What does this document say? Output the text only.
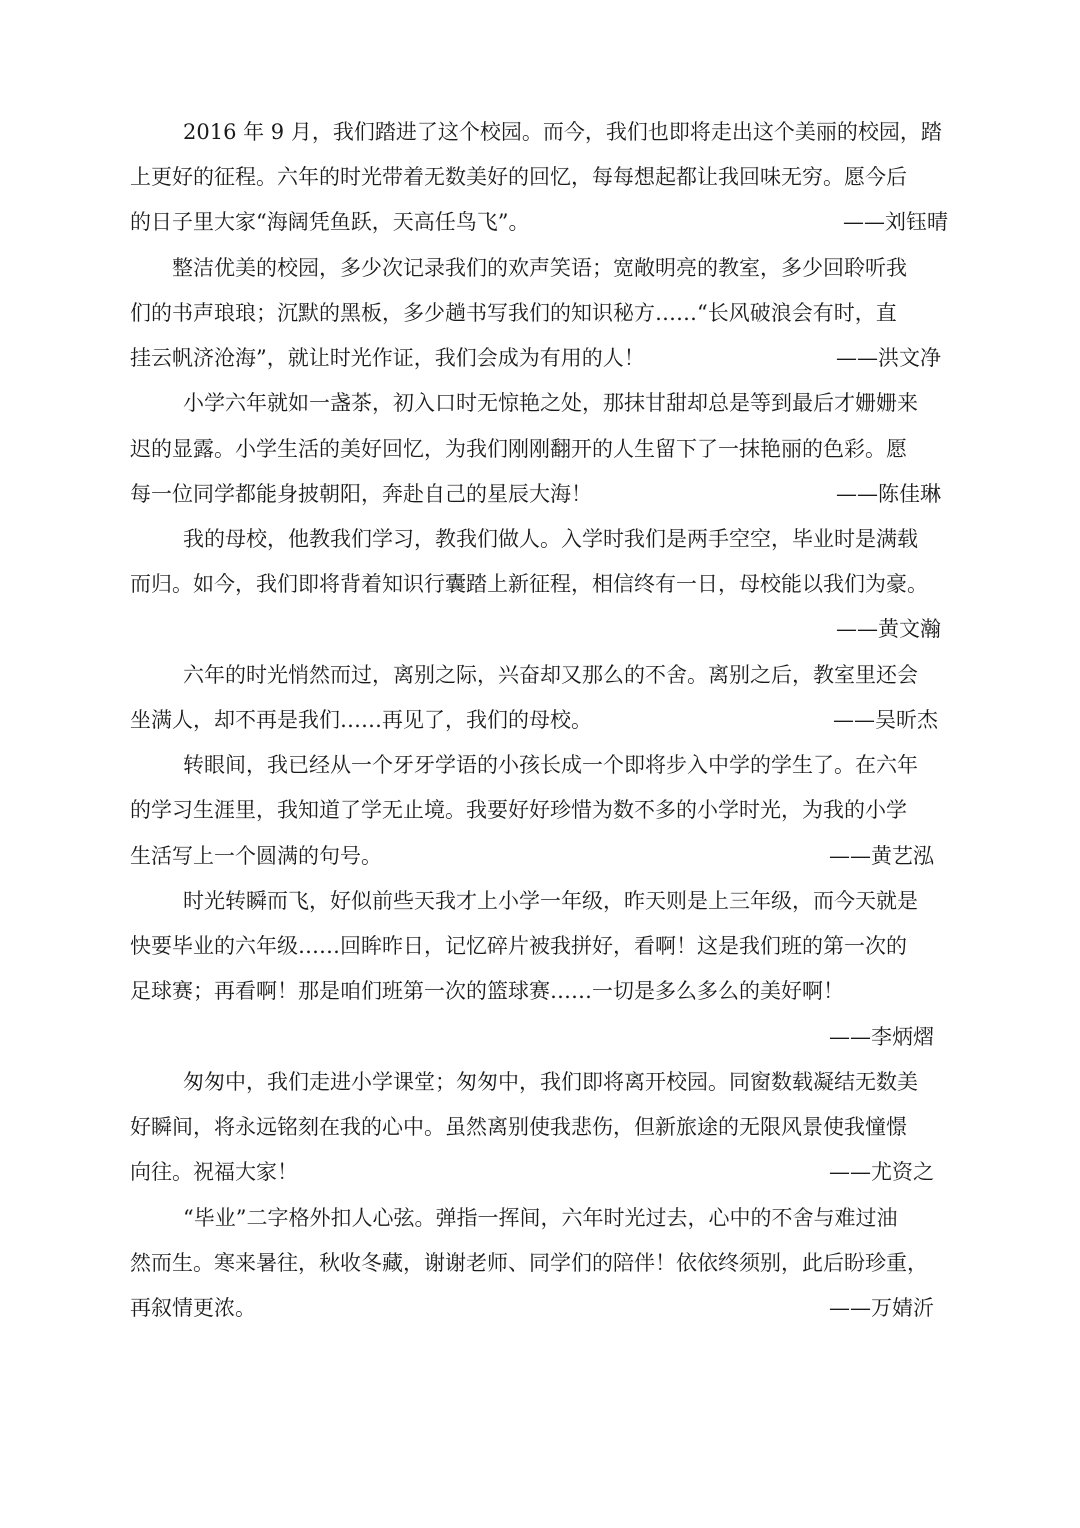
2016 年 9 月，我们踏进了这个校园。而今，我们也即将走出这个美丽的校园，踏
上更好的征程。六年的时光带着无数美好的回忆，每每想起都让我回味无穷。愿今后
的日子里大家“海阔凭鱼跃，天高任鸟飞”。	——刘钰晴
整洁优美的校园，多少次记录我们的欢声笑语；宽敞明亮的教室，多少回聆听我
们的书声琅琅；沉默的黑板，多少趟书写我们的知识秘方……“长风破浪会有时，直
挂云帆济沧海”，就让时光作证，我们会成为有用的人！	——洪文净
小学六年就如一盏茶，初入口时无惊艳之处，那抹甘甜却总是等到最后才姗姗来
迟的显露。小学生活的美好回忆，为我们刚刚翻开的人生留下了一抹艳丽的色彩。愿
每一位同学都能身披朝阳，奔赴自己的星辰大海！	——陈佳琳
我的母校，他教我们学习，教我们做人。入学时我们是两手空空，毕业时是满载
而归。如今，我们即将背着知识行囊踏上新征程，相信终有一日，母校能以我们为豪。
——黄文瀚
六年的时光悄然而过，离别之际，兴奋却又那么的不舍。离别之后，教室里还会
坐满人，却不再是我们……再见了，我们的母校。	——吴昕杰
转眼间，我已经从一个牙牙学语的小孩长成一个即将步入中学的学生了。在六年
的学习生涯里，我知道了学无止境。我要好好珍惜为数不多的小学时光，为我的小学
生活写上一个圆满的句号。	——黄艺泓
时光转瞬而飞，好似前些天我才上小学一年级，昨天则是上三年级，而今天就是
快要毕业的六年级……回眸昨日，记忆碎片被我拼好，看啊！这是我们班的第一次的
足球赛；再看啊！那是咱们班第一次的篮球赛……一切是多么多么的美好啊！
——李炳熠
匆匆中，我们走进小学课堂；匆匆中，我们即将离开校园。同窗数载凝结无数美
好瞬间，将永远铭刻在我的心中。虽然离别使我悲伤，但新旅途的无限风景使我憧憬
向往。祝福大家！	——尤资之
“毕业”二字格外扣人心弦。弹指一挥间，六年时光过去，心中的不舍与难过油
然而生。寒来暑往，秋收冬藏，谢谢老师、同学们的陪伴！依依终须别，此后盼珍重，
再叙情更浓。	——万婧沂
